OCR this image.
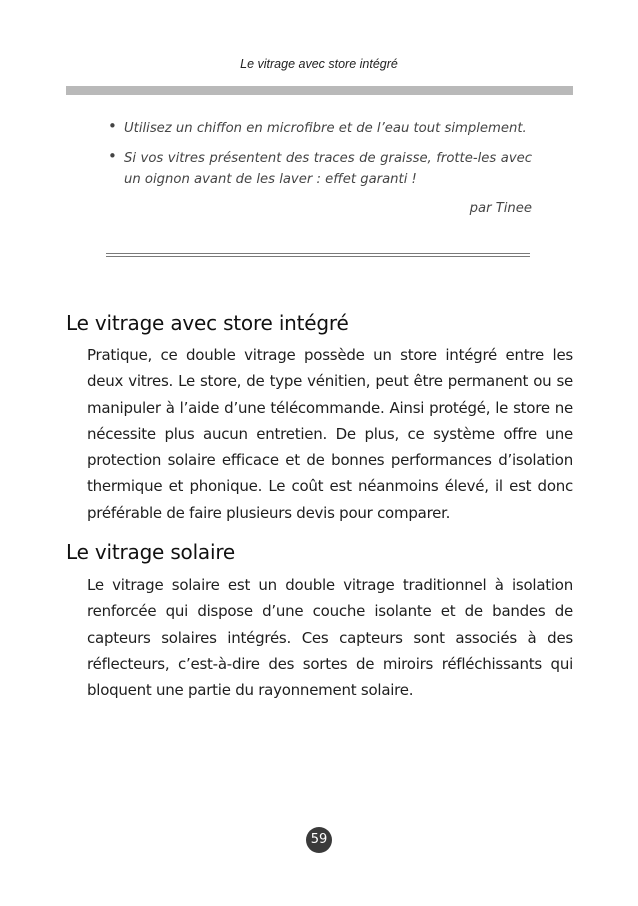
Le vitrage avec store intégré
• Utilisez un chiffon en microfibre et de l’eau tout simplement.
• Si vos vitres présentent des traces de graisse, frotte-les avec un oignon avant de les laver : effet garanti !
par Tinee
Le vitrage avec store intégré

Pratique, ce double vitrage possède un store intégré entre les deux vitres. Le store, de type vénitien, peut être permanent ou se manipuler à l’aide d’une télécommande. Ainsi protégé, le store ne nécessite plus aucun entretien. De plus, ce système offre une protection solaire efficace et de bonnes performances d’isolation thermique et phonique. Le coût est néanmoins élevé, il est donc préférable de faire plusieurs devis pour comparer.

Le vitrage solaire

Le vitrage solaire est un double vitrage traditionnel à isolation renforcée qui dispose d’une couche isolante et de bandes de capteurs solaires intégrés. Ces capteurs sont associés à des réflecteurs, c’est-à-dire des sortes de miroirs réfléchissants qui bloquent une partie du rayonnement solaire.

59
